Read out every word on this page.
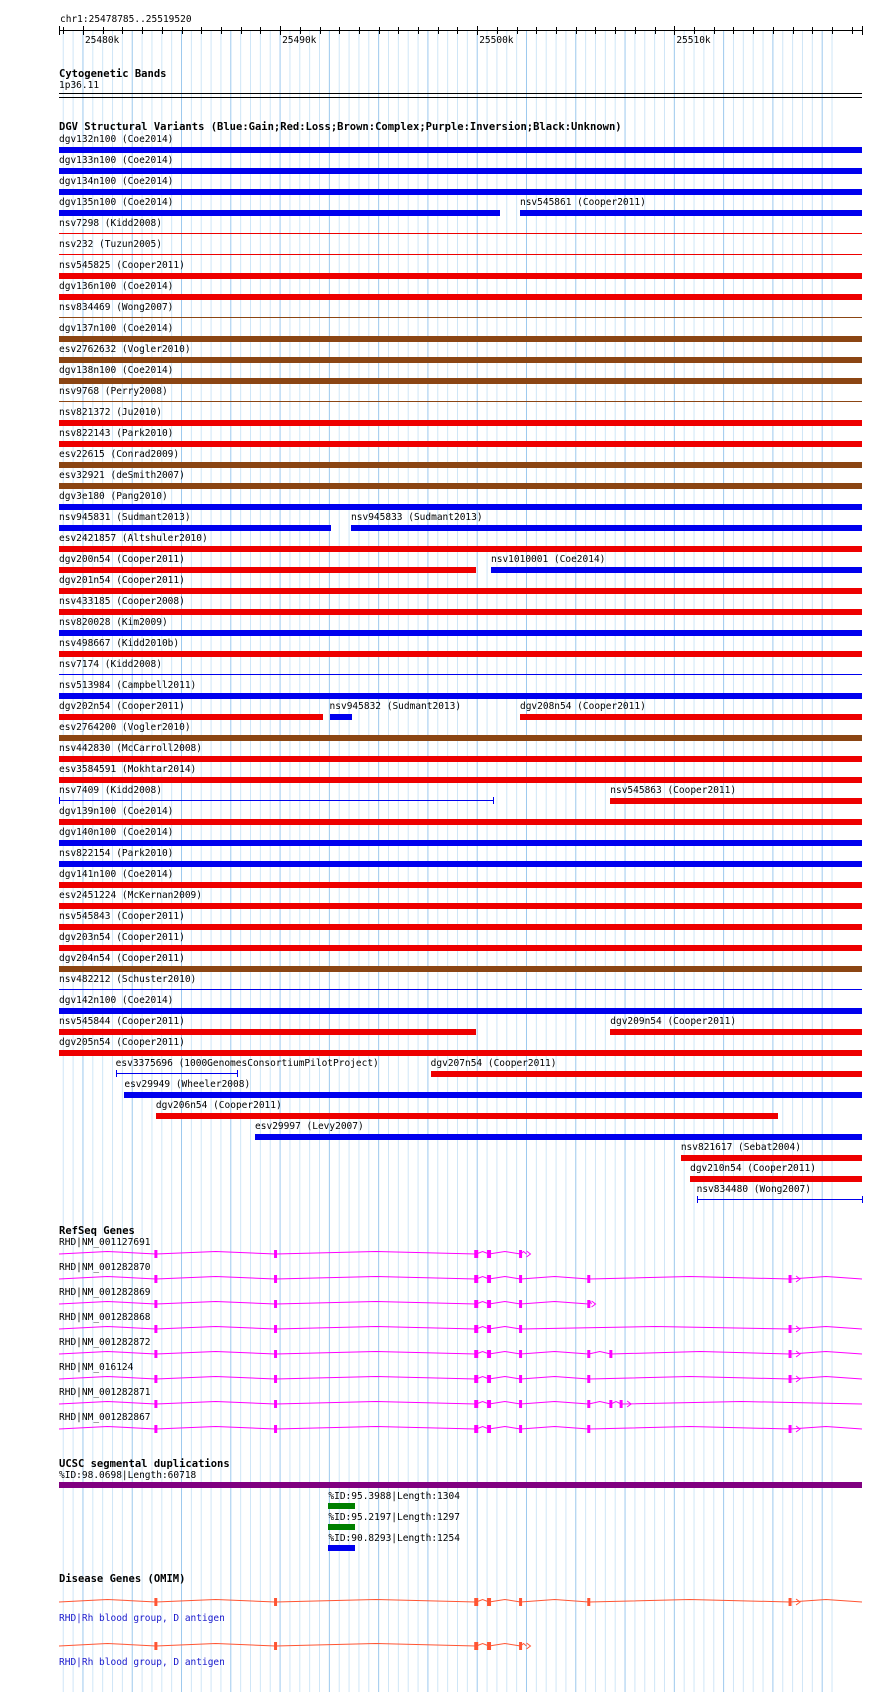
chr1:25478785..25519520
25480k	25490k	25500k	25510k
Cytogenetic Bands
1p36.11
DGV Structural Variants (Blue:Gain;Red:Loss;Brown:Complex;Purple:Inversion;Black:Unknown)
dgv132n100 (Coe2014)
dgv133n100 (Coe2014)
dgv134n100 (Coe2014)
dgv135n100 (Coe2014)	nsv545861 (Cooper2011)
nsv7298 (Kidd2008)
nsv232 (Tuzun2005)
nsv545825 (Cooper2011)
dgv136n100 (Coe2014)
nsv834469 (Wong2007)
dgv137n100 (Coe2014)
esv2762632 (Vogler2010)
dgv138n100 (Coe2014)
nsv9768 (Perry2008)
nsv821372 (Ju2010)
nsv822143 (Park2010)
esv22615 (Conrad2009)
esv32921 (deSmith2007)
dgv3e180 (Pang2010)
nsv945831 (Sudmant2013)	nsv945833 (Sudmant2013)
esv2421857 (Altshuler2010)
dgv200n54 (Cooper2011)	nsv1010001 (Coe2014)
dgv201n54 (Cooper2011)
nsv433185 (Cooper2008)
nsv820028 (Kim2009)
nsv498667 (Kidd2010b)
nsv7174 (Kidd2008)
nsv513984 (Campbell2011)
dgv202n54 (Cooper2011)	nsv945832 (Sudmant2013)	dgv208n54 (Cooper2011)
esv2764200 (Vogler2010)
nsv442830 (McCarroll2008)
esv3584591 (Mokhtar2014)
nsv7409 (Kidd2008)	nsv545863 (Cooper2011)
dgv139n100 (Coe2014)
dgv140n100 (Coe2014)
nsv822154 (Park2010)
dgv141n100 (Coe2014)
esv2451224 (McKernan2009)
nsv545843 (Cooper2011)
dgv203n54 (Cooper2011)
dgv204n54 (Cooper2011)
nsv482212 (Schuster2010)
dgv142n100 (Coe2014)
nsv545844 (Cooper2011)	dgv209n54 (Cooper2011)
dgv205n54 (Cooper2011)
esv3375696 (1000GenomesConsortiumPilotProject)	dgv207n54 (Cooper2011)
esv29949 (Wheeler2008)
dgv206n54 (Cooper2011)
esv29997 (Levy2007)
nsv821617 (Sebat2004)
dgv210n54 (Cooper2011)
nsv834480 (Wong2007)
RefSeq Genes
RHD|NM_001127691
RHD|NM_001282870
RHD|NM_001282869
RHD|NM_001282868
RHD|NM_001282872
RHD|NM_016124
RHD|NM_001282871
RHD|NM_001282867
UCSC segmental duplications
%ID:98.0698|Length:60718
%ID:95.3988|Length:1304
%ID:95.2197|Length:1297
%ID:90.8293|Length:1254
Disease Genes (OMIM)
RHD|Rh blood group, D antigen
RHD|Rh blood group, D antigen
